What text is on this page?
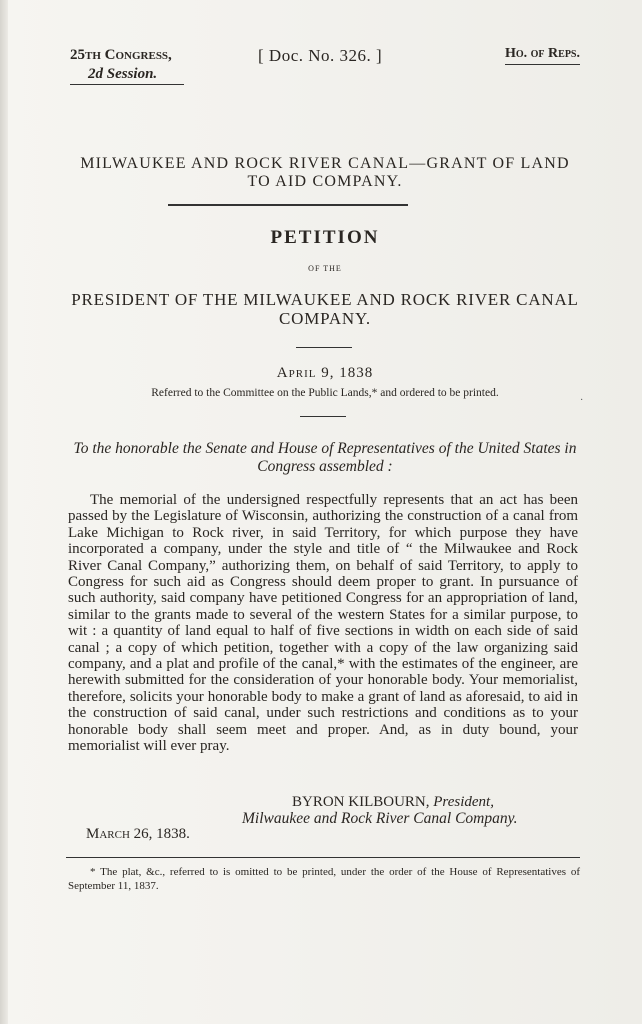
25th Congress,
2d Session.
[ Doc. No. 326. ]	Ho. of Reps.
MILWAUKEE AND ROCK RIVER CANAL—GRANT OF LAND TO AID COMPANY.
PETITION
OF THE
PRESIDENT OF THE MILWAUKEE AND ROCK RIVER CANAL COMPANY.
April 9, 1838
Referred to the Committee on the Public Lands,* and ordered to be printed.
·
To the honorable the Senate and House of Representatives of the United States in Congress assembled :

The memorial of the undersigned respectfully represents that an act has been passed by the Legislature of Wisconsin, authorizing the construction of a canal from Lake Michigan to Rock river, in said Territory, for which purpose they have incorporated a company, under the style and title of “ the Milwaukee and Rock River Canal Company,” authorizing them, on behalf of said Territory, to apply to Congress for such aid as Congress should deem proper to grant. In pursuance of such authority, said company have petitioned Congress for an appropriation of land, similar to the grants made to several of the western States for a similar purpose, to wit : a quantity of land equal to half of five sections in width on each side of said canal ; a copy of which petition, together with a copy of the law organizing said company, and a plat and profile of the canal,* with the estimates of the engineer, are herewith submitted for the consideration of your honorable body. Your memorialist, therefore, solicits your honorable body to make a grant of land as aforesaid, to aid in the construction of said canal, under such restrictions and conditions as to your honorable body shall seem meet and proper. And, as in duty bound, your memorialist will ever pray.

BYRON KILBOURN, President,
Milwaukee and Rock River Canal Company.
March 26, 1838.

* The plat, &c., referred to is omitted to be printed, under the order of the House of Representatives of September 11, 1837.
